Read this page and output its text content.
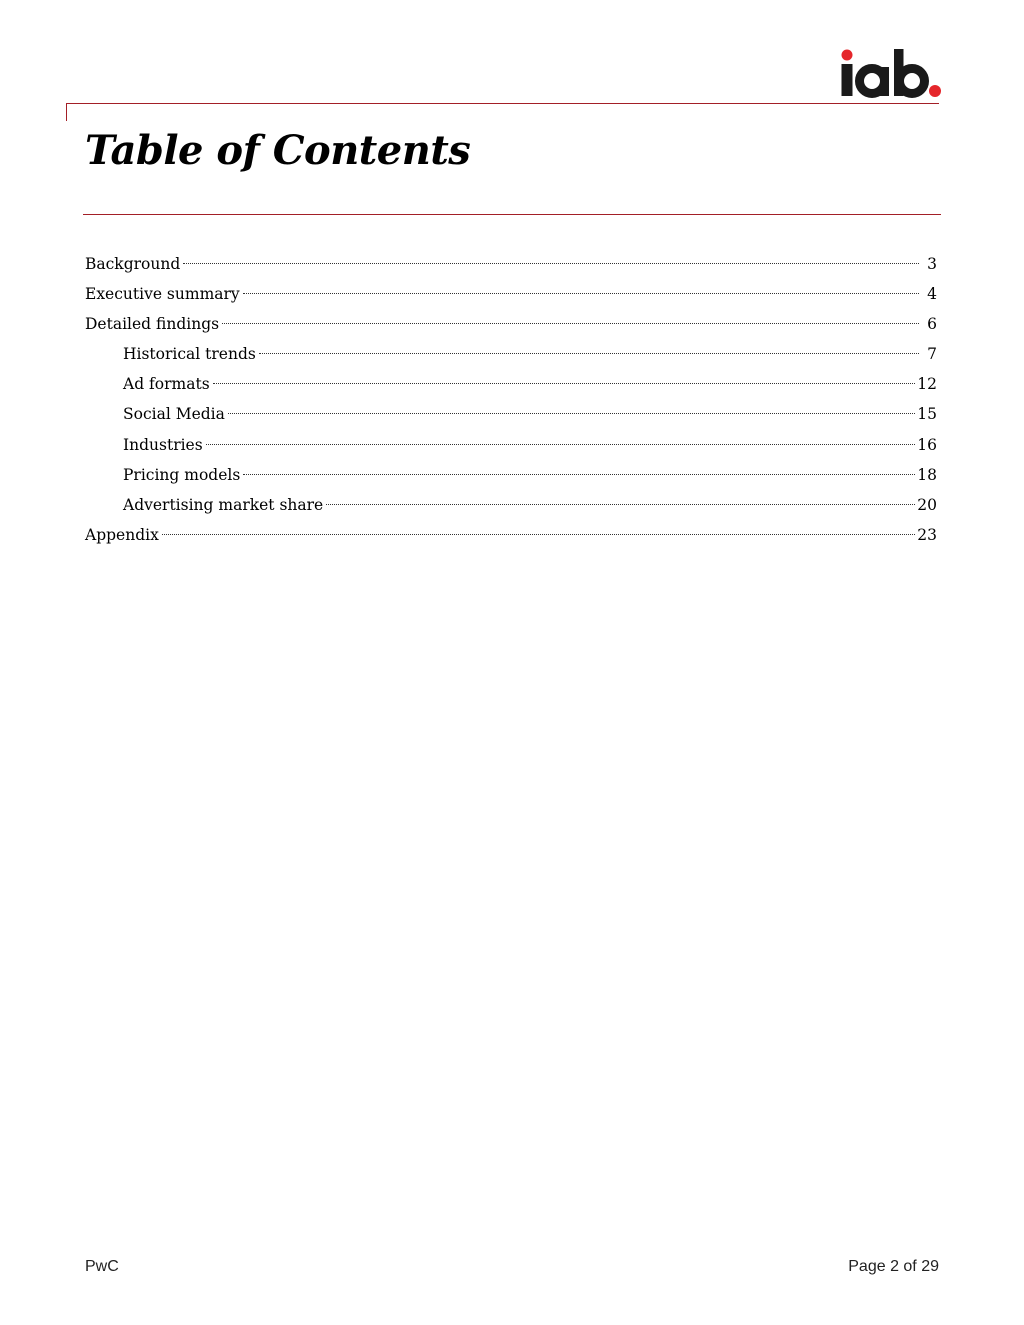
Table of Contents
Background	3
Executive summary	4
Detailed findings	6
Historical trends	7
Ad formats	12
Social Media	15
Industries	16
Pricing models	18
Advertising market share	20
Appendix	23
PwC	Page 2 of 29
